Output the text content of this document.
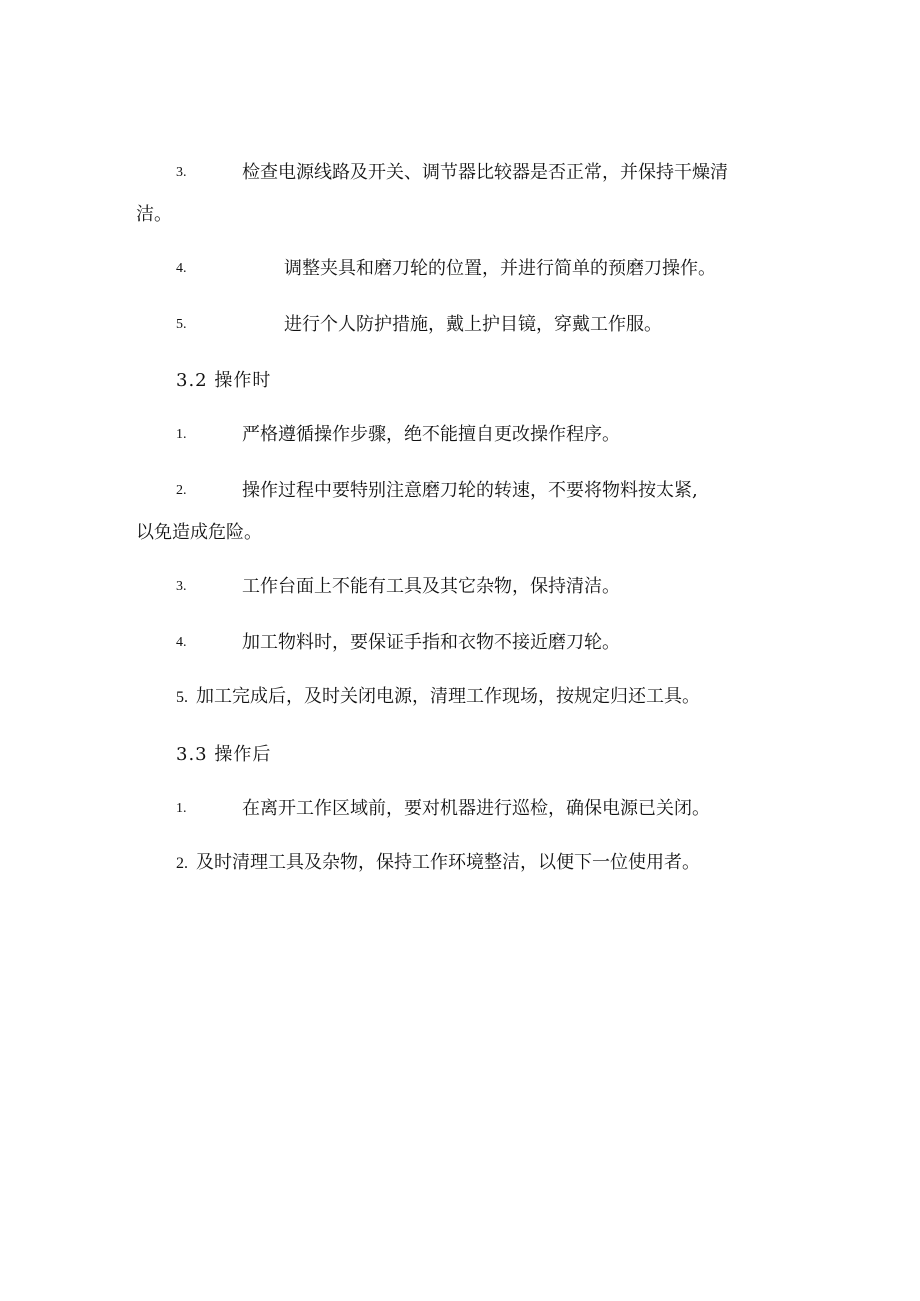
3.	检查电源线路及开关、调节器比较器是否正常，并保持干燥清
洁。
4.	调整夹具和磨刀轮的位置，并进行简单的预磨刀操作。
5.	进行个人防护措施，戴上护目镜，穿戴工作服。
3.2 操作时
1.	严格遵循操作步骤，绝不能擅自更改操作程序。
2.	操作过程中要特别注意磨刀轮的转速，不要将物料按太紧,
以免造成危险。
3.	工作台面上不能有工具及其它杂物，保持清洁。
4.	加工物料时，要保证手指和衣物不接近磨刀轮。
5. 加工完成后，及时关闭电源，清理工作现场，按规定归还工具。
3.3 操作后
1.	在离开工作区域前，要对机器进行巡检，确保电源已关闭。
2. 及时清理工具及杂物，保持工作环境整洁，以便下一位使用者。
